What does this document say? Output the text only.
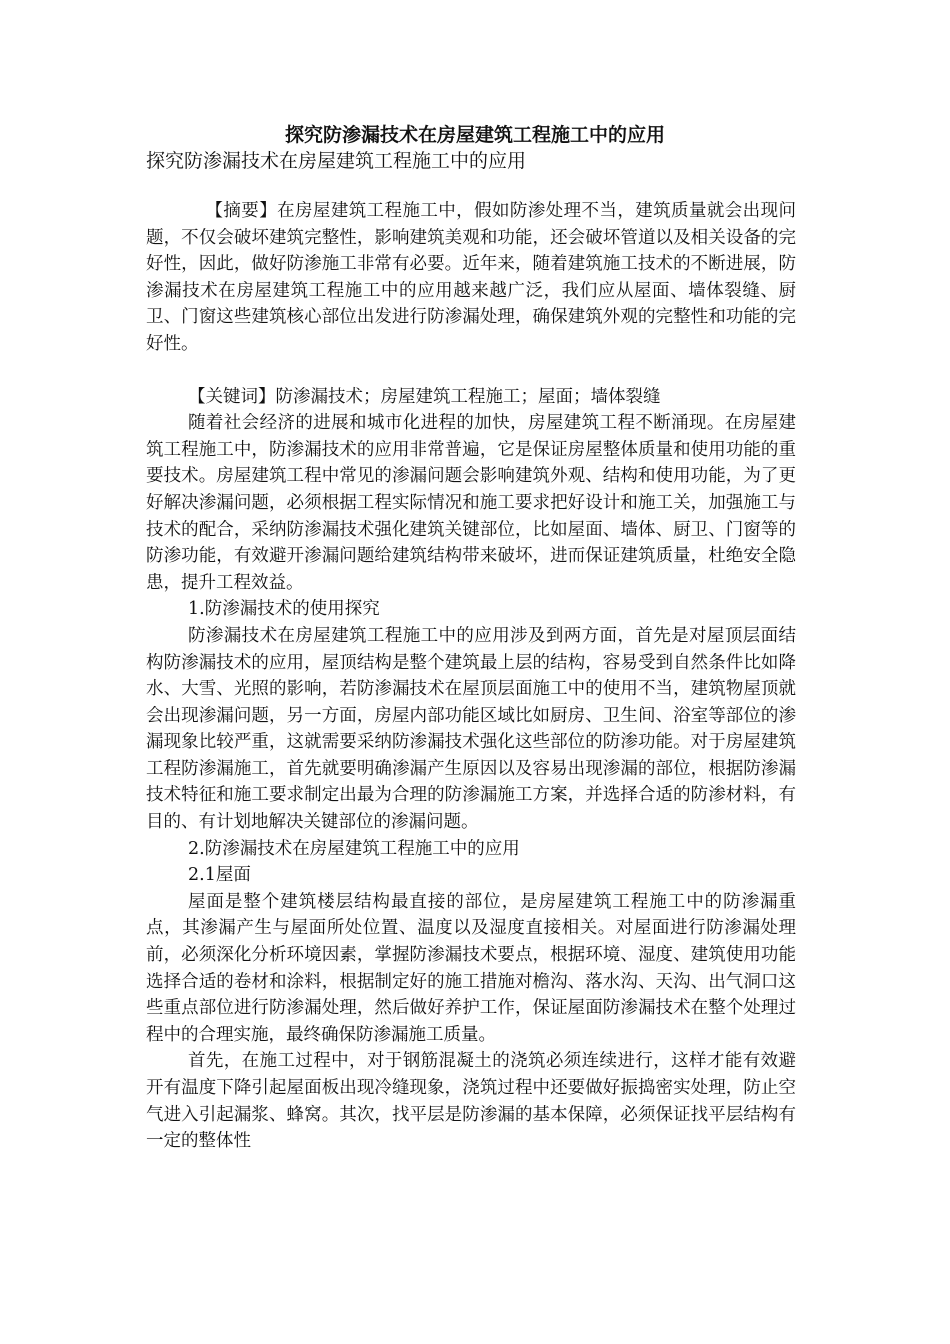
探究防渗漏技术在房屋建筑工程施工中的应用
探究防渗漏技术在房屋建筑工程施工中的应用

【摘要】在房屋建筑工程施工中，假如防渗处理不当，建筑质量就会出现问题，不仅会破坏建筑完整性，影响建筑美观和功能，还会破坏管道以及相关设备的完好性，因此，做好防渗施工非常有必要。近年来，随着建筑施工技术的不断进展，防渗漏技术在房屋建筑工程施工中的应用越来越广泛，我们应从屋面、墙体裂缝、厨卫、门窗这些建筑核心部位出发进行防渗漏处理，确保建筑外观的完整性和功能的完好性。

【关键词】防渗漏技术；房屋建筑工程施工；屋面；墙体裂缝

随着社会经济的进展和城市化进程的加快，房屋建筑工程不断涌现。在房屋建筑工程施工中，防渗漏技术的应用非常普遍，它是保证房屋整体质量和使用功能的重要技术。房屋建筑工程中常见的渗漏问题会影响建筑外观、结构和使用功能，为了更好解决渗漏问题，必须根据工程实际情况和施工要求把好设计和施工关，加强施工与技术的配合，采纳防渗漏技术强化建筑关键部位，比如屋面、墙体、厨卫、门窗等的防渗功能，有效避开渗漏问题给建筑结构带来破坏，进而保证建筑质量，杜绝安全隐患，提升工程效益。

1.防渗漏技术的使用探究

防渗漏技术在房屋建筑工程施工中的应用涉及到两方面，首先是对屋顶层面结构防渗漏技术的应用，屋顶结构是整个建筑最上层的结构，容易受到自然条件比如降水、大雪、光照的影响，若防渗漏技术在屋顶层面施工中的使用不当，建筑物屋顶就会出现渗漏问题，另一方面，房屋内部功能区域比如厨房、卫生间、浴室等部位的渗漏现象比较严重，这就需要采纳防渗漏技术强化这些部位的防渗功能。对于房屋建筑工程防渗漏施工，首先就要明确渗漏产生原因以及容易出现渗漏的部位，根据防渗漏技术特征和施工要求制定出最为合理的防渗漏施工方案，并选择合适的防渗材料，有目的、有计划地解决关键部位的渗漏问题。

2.防渗漏技术在房屋建筑工程施工中的应用

2.1屋面

屋面是整个建筑楼层结构最直接的部位，是房屋建筑工程施工中的防渗漏重点，其渗漏产生与屋面所处位置、温度以及湿度直接相关。对屋面进行防渗漏处理前，必须深化分析环境因素，掌握防渗漏技术要点，根据环境、湿度、建筑使用功能选择合适的卷材和涂料，根据制定好的施工措施对檐沟、落水沟、天沟、出气洞口这些重点部位进行防渗漏处理，然后做好养护工作，保证屋面防渗漏技术在整个处理过程中的合理实施，最终确保防渗漏施工质量。

首先，在施工过程中，对于钢筋混凝土的浇筑必须连续进行，这样才能有效避开有温度下降引起屋面板出现冷缝现象，浇筑过程中还要做好振捣密实处理，防止空气进入引起漏浆、蜂窝。其次，找平层是防渗漏的基本保障，必须保证找平层结构有一定的整体性
